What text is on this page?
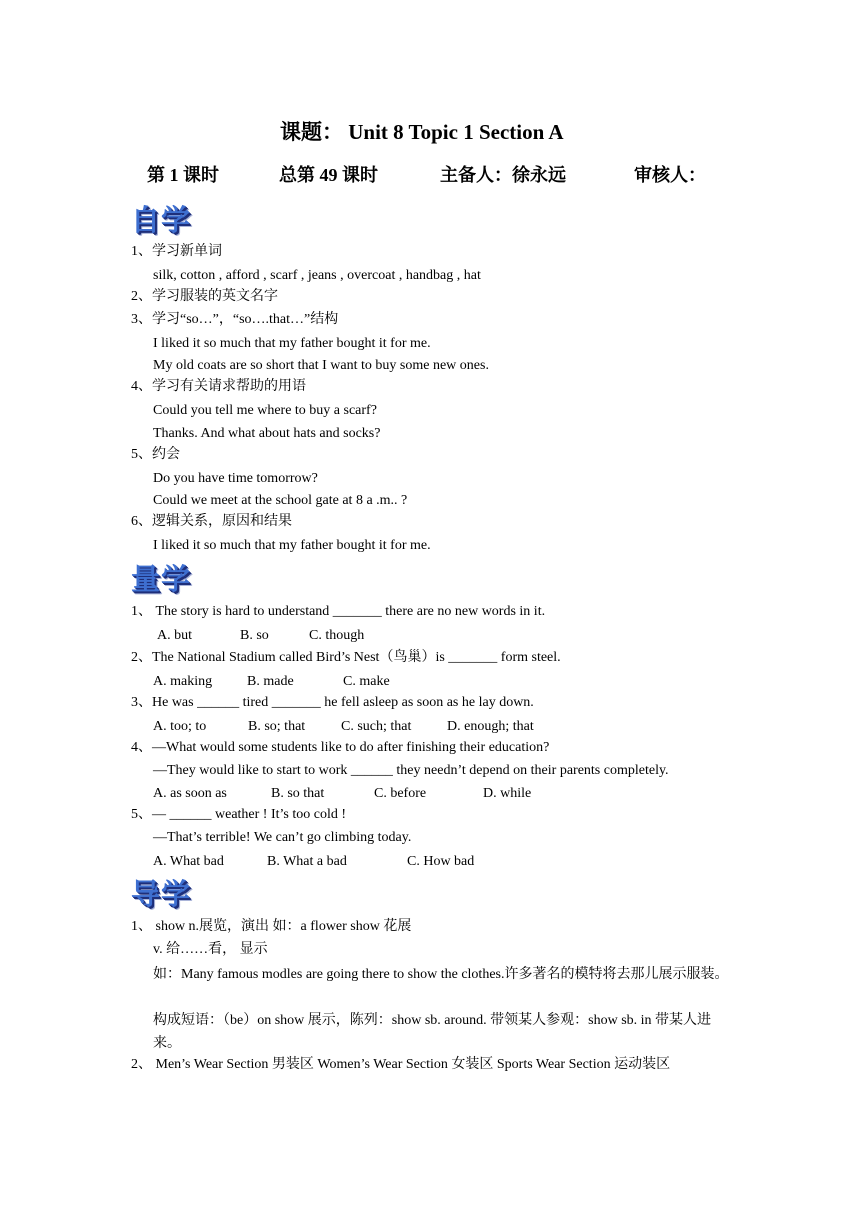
课题： Unit 8 Topic 1 Section A
第 1 课时	总第 49 课时	主备人：徐永远	审核人：
自学
1、学习新单词
silk, cotton , afford , scarf , jeans , overcoat , handbag , hat
2、学习服装的英文名字
3、学习“so…”，“so….that…”结构
I liked it so much that my father bought it for me.
My old coats are so short that I want to buy some new ones.
4、学习有关请求帮助的用语
Could you tell me where to buy a scarf?
Thanks. And what about hats and socks?
5、约会
Do you have time tomorrow?
Could we meet at the school gate at 8 a .m.. ?
6、逻辑关系，原因和结果
I liked it so much that my father bought it for me.
量学
1、 The story is hard to understand _______ there are no new words in it.
A. but	B. so	C. though
2、The National Stadium called Bird’s Nest（鸟巢）is _______ form steel.
A. making B. made	C. make
3、He was ______ tired _______ he fell asleep as soon as he lay down.
A. too; to	B. so; that	C. such; that	D. enough; that
4、—What would some students like to do after finishing their education?
—They would like to start to work ______ they needn’t depend on their parents completely.
A. as soon as	B. so that	C. before	D. while
5、— ______ weather ! It’s too cold !
—That’s terrible! We can’t go climbing today.
A. What bad	B. What a bad	C. How bad
导学
1、 show n.展览，演出 如：a flower show 花展
v. 给……看， 显示
如：Many famous modles are going there to show the clothes.许多著名的模特将去那儿展示服装。
构成短语：（be）on show 展示，陈列：show sb. around. 带领某人参观：show sb. in 带某人进来。
2、 Men’s Wear Section 男装区 Women’s Wear Section 女装区 Sports Wear Section 运动装区
